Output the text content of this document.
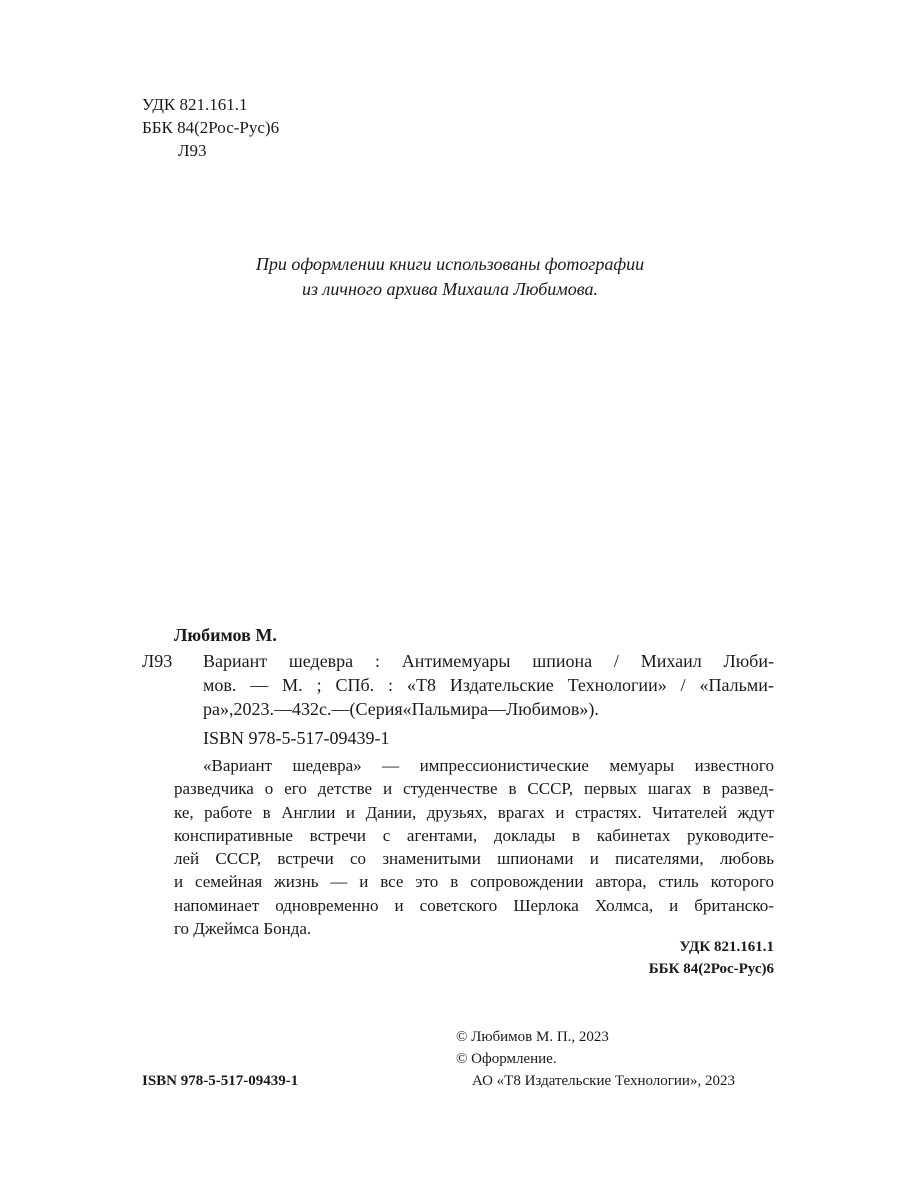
УДК 821.161.1
ББК 84(2Рос-Рус)6
Л93
При оформлении книги использованы фотографии
из личного архива Михаила Любимова.
Любимов М.
Л93 Вариант шедевра : Антимемуары шпиона / Михаил Люби-
мов. — М. ; СПб. : «Т8 Издательские Технологии» / «Пальми-
ра», 2023. — 432 с. — (Серия «Пальмира — Любимов»).
ISBN 978-5-517-09439-1
«Вариант шедевра» — импрессионистические мемуары известного
разведчика о его детстве и студенчестве в СССР, первых шагах в развед-
ке, работе в Англии и Дании, друзьях, врагах и страстях. Читателей ждут
конспиративные встречи с агентами, доклады в кабинетах руководите-
лей СССР, встречи со знаменитыми шпионами и писателями, любовь
и семейная жизнь — и все это в сопровождении автора, стиль которого
напоминает одновременно и советского Шерлока Холмса, и британско-
го Джеймса Бонда.
УДК 821.161.1
ББК 84(2Рос-Рус)6
© Любимов М. П., 2023
© Оформление.
АО «Т8 Издательские Технологии», 2023
ISBN 978-5-517-09439-1
